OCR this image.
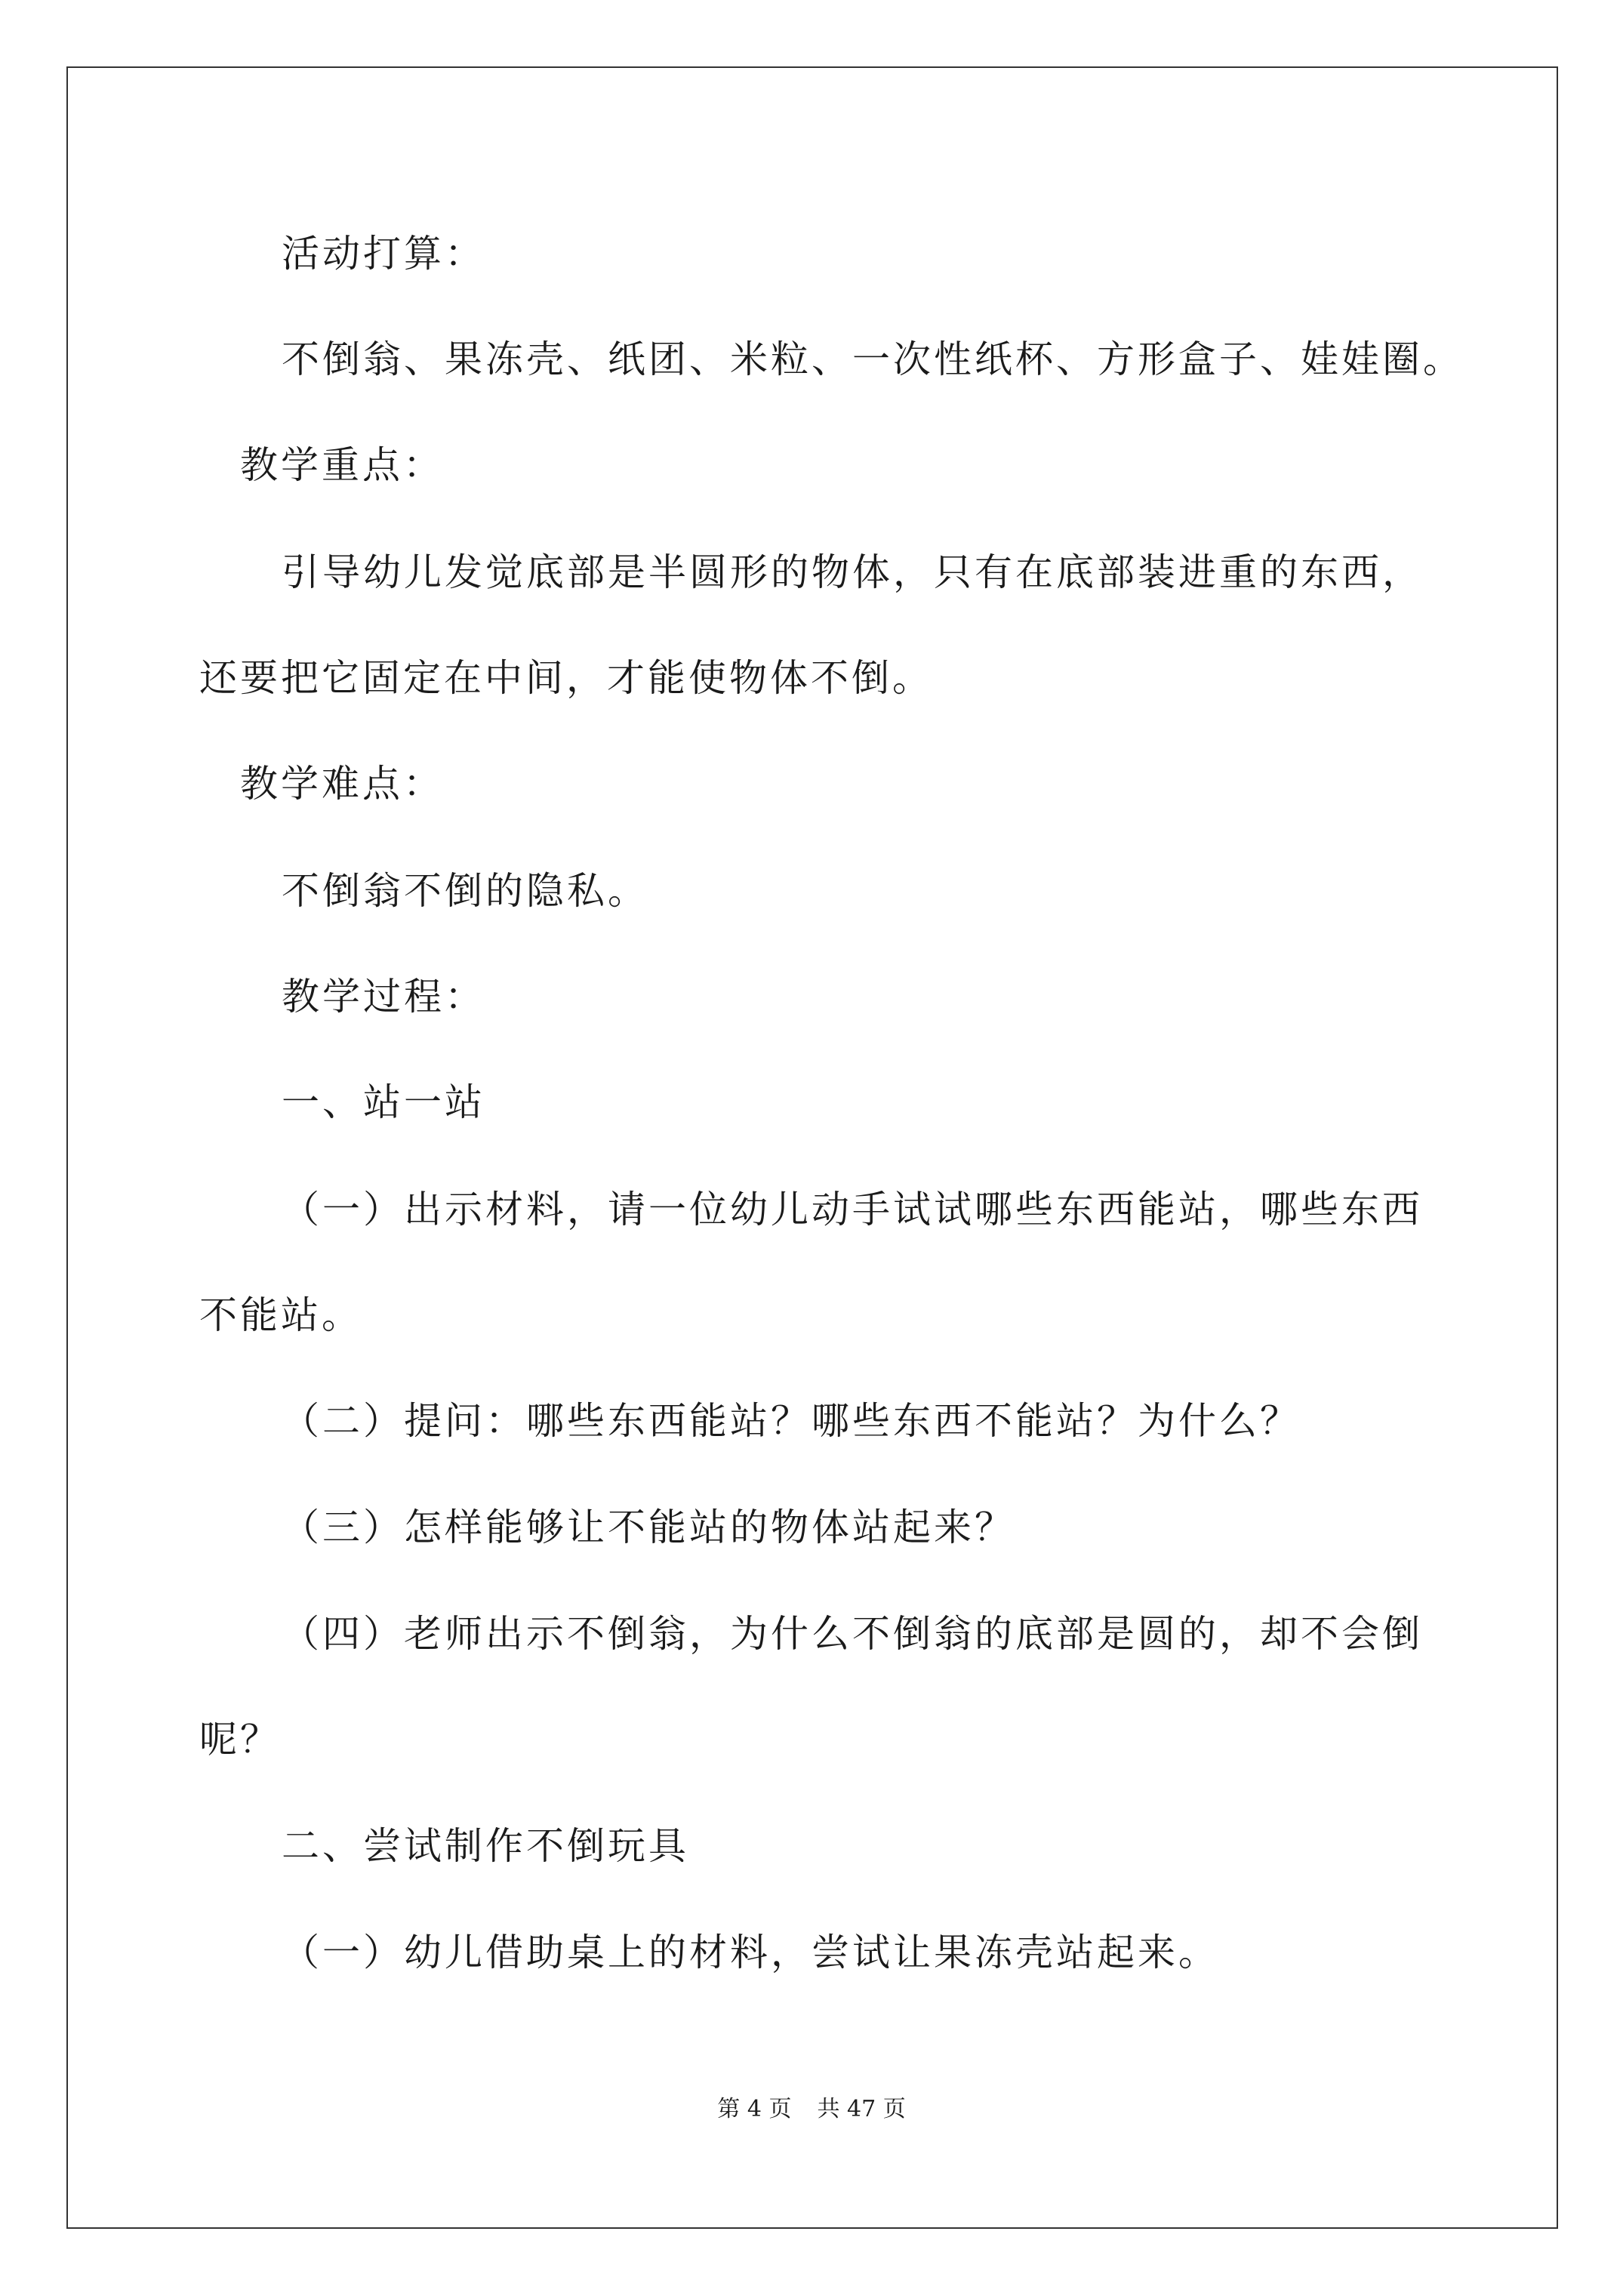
活动打算：
不倒翁、果冻壳、纸团、米粒、一次性纸杯、方形盒子、娃娃圈。
教学重点：
引导幼儿发觉底部是半圆形的物体，只有在底部装进重的东西，
还要把它固定在中间，才能使物体不倒。
教学难点：
不倒翁不倒的隐私。
教学过程：
一、站一站
（一）出示材料，请一位幼儿动手试试哪些东西能站，哪些东西
不能站。
（二）提问：哪些东西能站？哪些东西不能站？为什么？
（三）怎样能够让不能站的物体站起来？
（四）老师出示不倒翁，为什么不倒翁的底部是圆的，却不会倒
呢？
二、尝试制作不倒玩具
（一）幼儿借助桌上的材料，尝试让果冻壳站起来。
第 4 页 共 47 页
